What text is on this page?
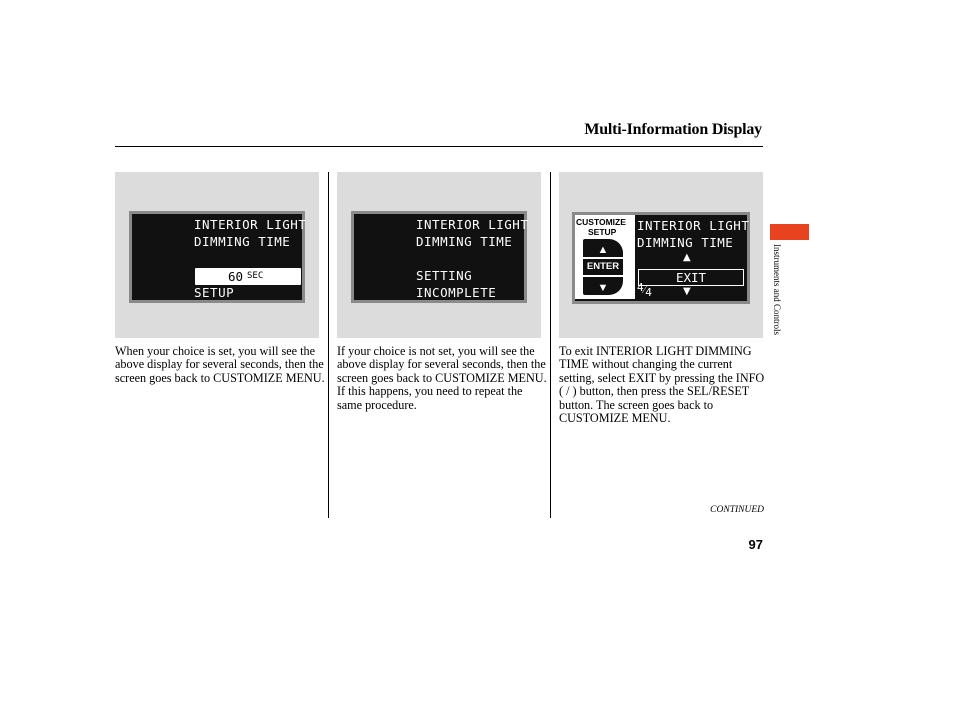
Multi-Information Display
Instruments and Controls
INTERIOR LIGHT
DIMMING TIME
60 SEC
SETUP
INTERIOR LIGHT
DIMMING TIME
SETTING
INCOMPLETE
CUSTOMIZE
SETUP
▲
ENTER
▼
INTERIOR LIGHT
DIMMING TIME
▲
EXIT
4⁄4	▼
When your choice is set, you will see the above display for several seconds, then the screen goes back to CUSTOMIZE MENU.
If your choice is not set, you will see the above display for several seconds, then the screen goes back to CUSTOMIZE MENU. If this happens, you need to repeat the same procedure.
To exit INTERIOR LIGHT DIMMING TIME without changing the current setting, select EXIT by pressing the INFO ( / ) button, then press the SEL/RESET button. The screen goes back to CUSTOMIZE MENU.
CONTINUED
97
